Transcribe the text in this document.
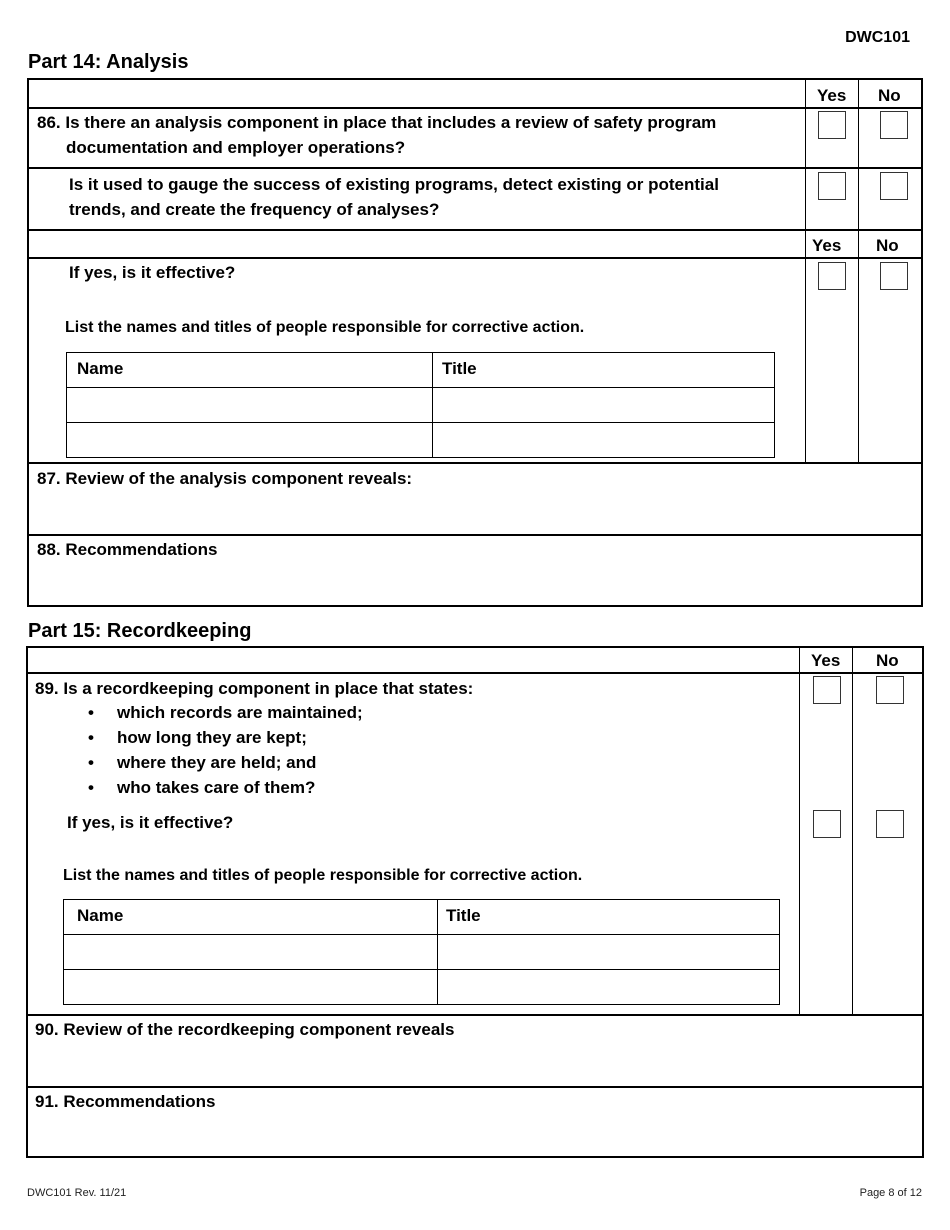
DWC101
Part 14: Analysis
Yes No
86. Is there an analysis component in place that includes a review of safety program
documentation and employer operations?
Is it used to gauge the success of existing programs, detect existing or potential
trends, and create the frequency of analyses?
Yes No
If yes, is it effective?
List the names and titles of people responsible for corrective action.
Name	Title
87. Review of the analysis component reveals:
88. Recommendations
Part 15: Recordkeeping
Yes No
89. Is a recordkeeping component in place that states:
• which records are maintained;
• how long they are kept;
• where they are held; and
• who takes care of them?
If yes, is it effective?
List the names and titles of people responsible for corrective action.
Name	Title
90. Review of the recordkeeping component reveals
91. Recommendations
DWC101 Rev. 11/21	Page 8 of 12
